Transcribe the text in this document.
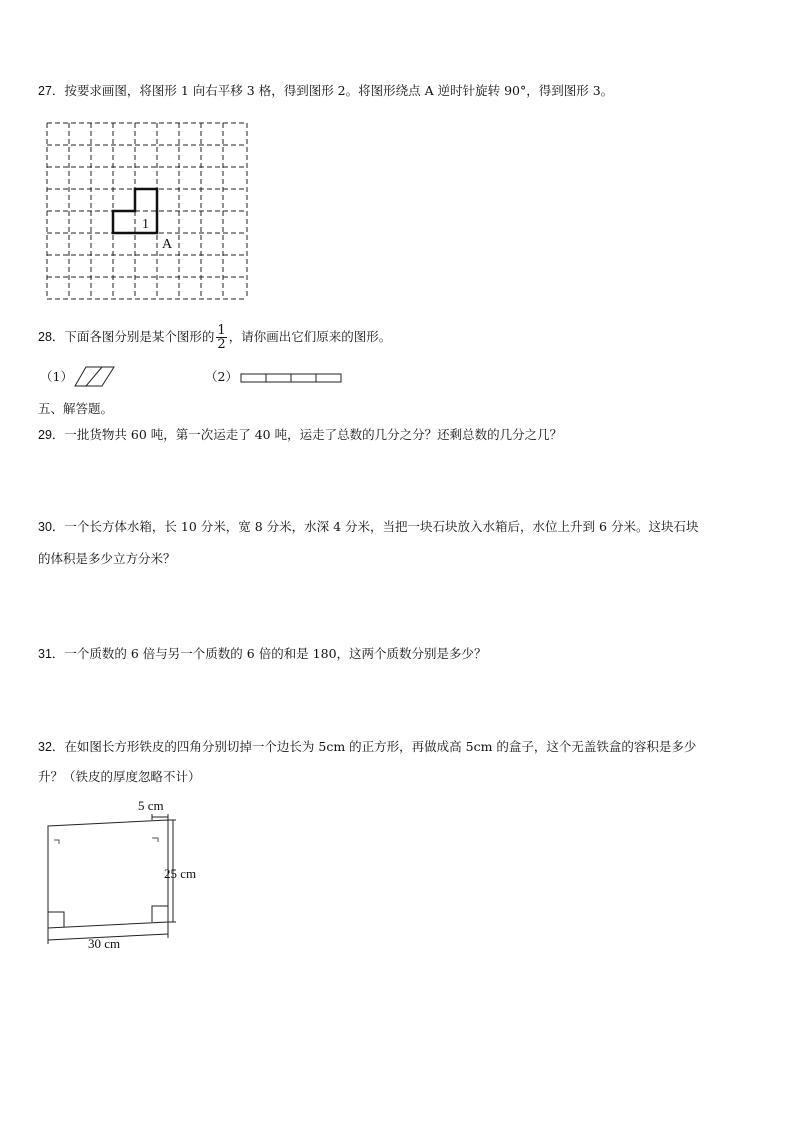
27．按要求画图，将图形 1 向右平移 3 格，得到图形 2。将图形绕点 A 逆时针旋转 90°，得到图形 3。
1
A
28．下面各图分别是某个图形的 $\frac{1}{2}$ ，请你画出它们原来的图形。
（1）	（2）
五、解答题。
29．一批货物共 60 吨，第一次运走了 40 吨，运走了总数的几分之分？还剩总数的几分之几？
30．一个长方体水箱，长 10 分米，宽 8 分米，水深 4 分米，当把一块石块放入水箱后，水位上升到 6 分米。这块石块
的体积是多少立方分米？
31．一个质数的 6 倍与另一个质数的 6 倍的和是 180，这两个质数分别是多少？
32．在如图长方形铁皮的四角分别切掉一个边长为 5cm 的正方形，再做成高 5cm 的盒子，这个无盖铁盒的容积是多少
升？（铁皮的厚度忽略不计）
5 cm
25 cm
30 cm
